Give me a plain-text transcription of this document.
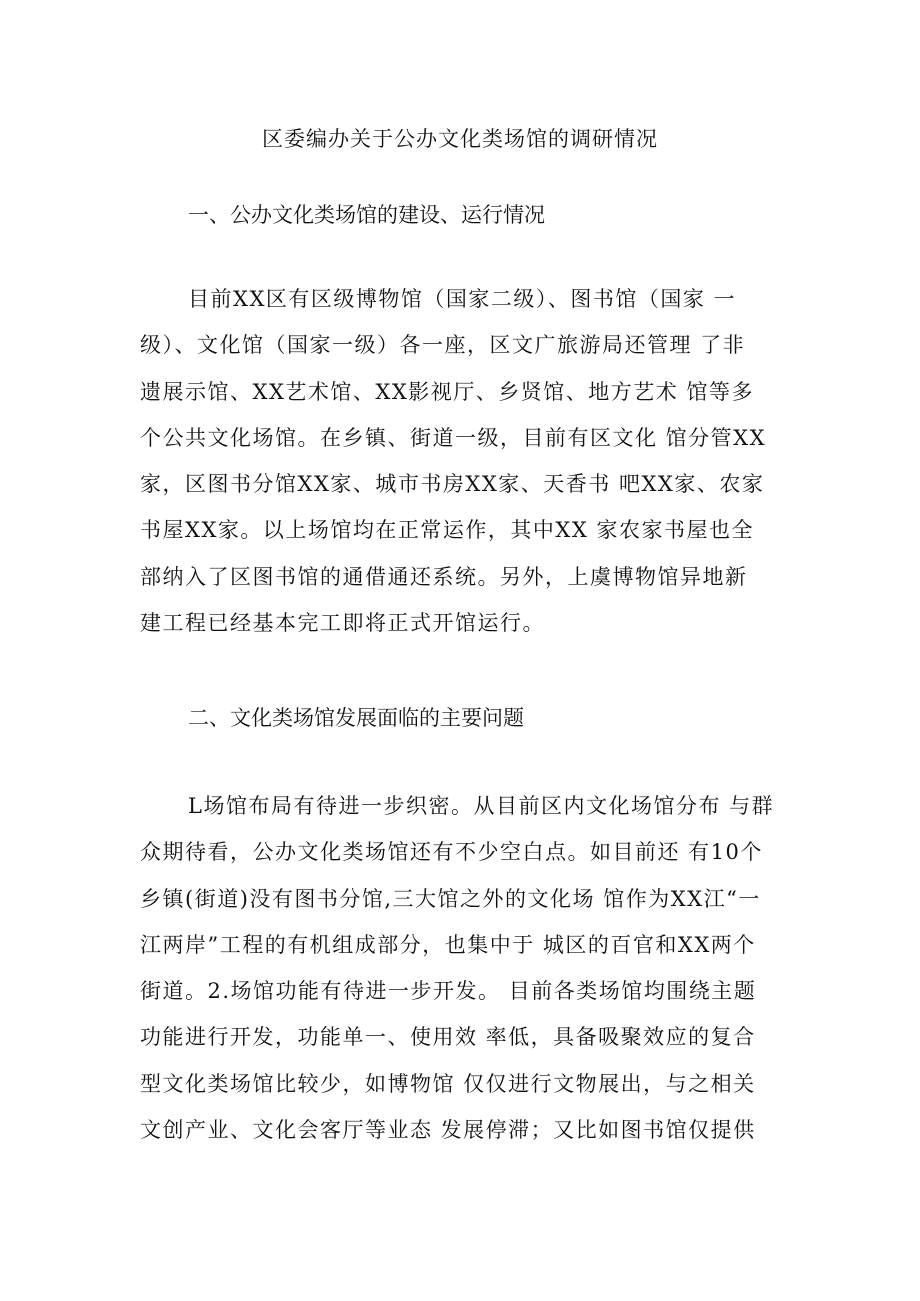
区委编办关于公办文化类场馆的调研情况
一、公办文化类场馆的建设、运行情况
目前XX区有区级博物馆（国家二级）、图书馆（国家 一
级）、文化馆（国家一级）各一座，区文广旅游局还管理 了非
遗展示馆、XX艺术馆、XX影视厅、乡贤馆、地方艺术 馆等多
个公共文化场馆。在乡镇、街道一级，目前有区文化 馆分管XX
家，区图书分馆XX家、城市书房XX家、天香书 吧XX家、农家
书屋XX家。以上场馆均在正常运作，其中XX 家农家书屋也全
部纳入了区图书馆的通借通还系统。另外，上虞博物馆异地新
建工程已经基本完工即将正式开馆运行。
二、文化类场馆发展面临的主要问题
L场馆布局有待进一步织密。从目前区内文化场馆分布 与群
众期待看，公办文化类场馆还有不少空白点。如目前还 有10个
乡镇(街道)没有图书分馆,三大馆之外的文化场 馆作为XX江“一
江两岸”工程的有机组成部分，也集中于 城区的百官和XX两个
街道。2.场馆功能有待进一步开发。 目前各类场馆均围绕主题
功能进行开发，功能单一、使用效 率低，具备吸聚效应的复合
型文化类场馆比较少，如博物馆 仅仅进行文物展出，与之相关
文创产业、文化会客厅等业态 发展停滞；又比如图书馆仅提供
